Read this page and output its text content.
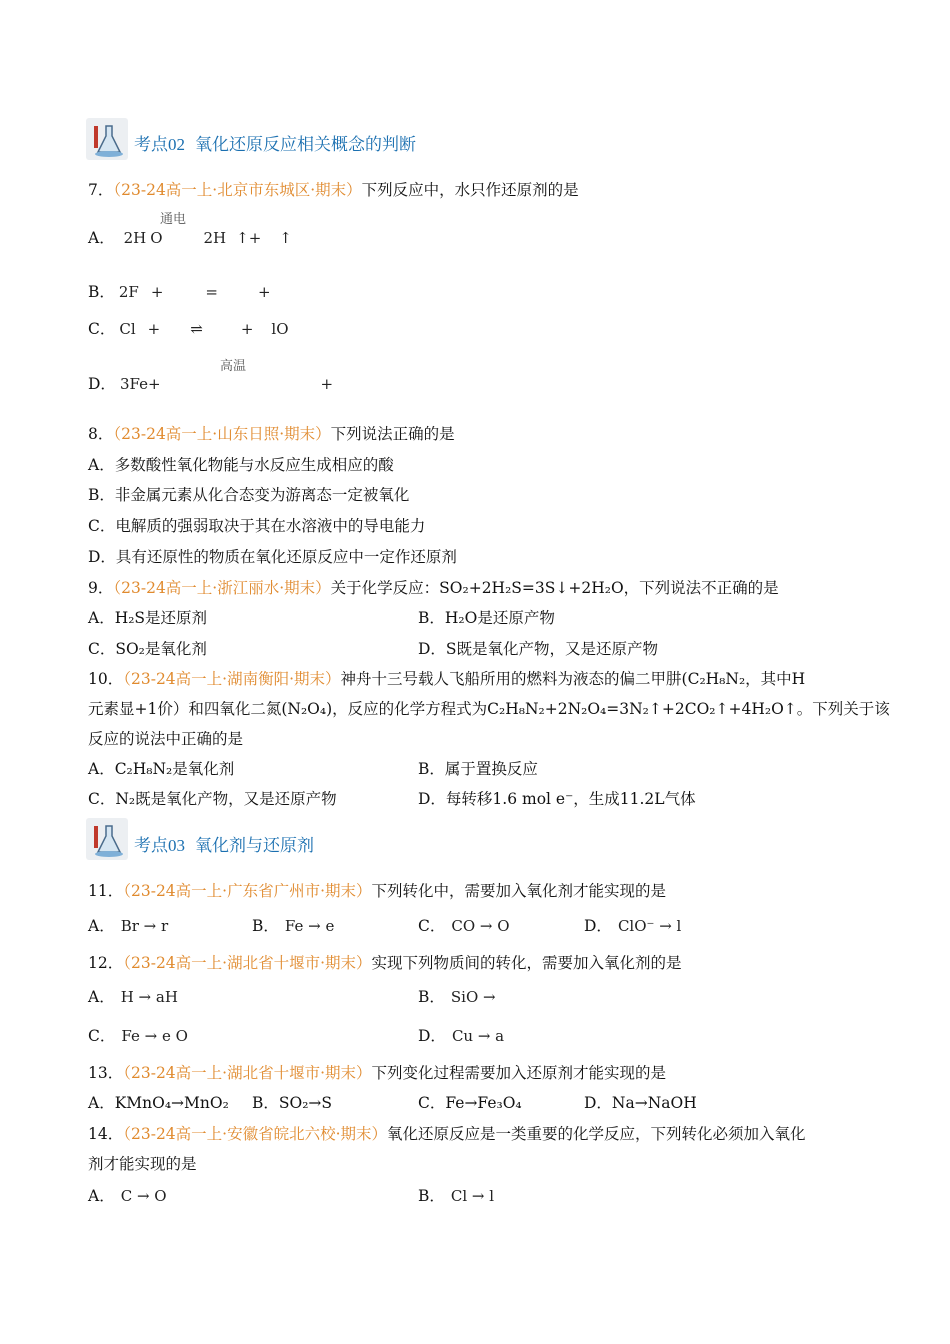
考点02 氧化还原反应相关概念的判断
7．（23-24高一上·北京市东城区·期末）下列反应中，水只作还原剂的是
通电
A． 2H O	2H ↑+ ↑
B． 2F +	=	+
C． Cl + ⇌	+ lO
高温
D． 3Fe+	+
8．（23-24高一上·山东日照·期末）下列说法正确的是
A．多数酸性氧化物能与水反应生成相应的酸
B．非金属元素从化合态变为游离态一定被氧化
C．电解质的强弱取决于其在水溶液中的导电能力
D．具有还原性的物质在氧化还原反应中一定作还原剂
9．（23-24高一上·浙江丽水·期末）关于化学反应：SO₂+2H₂S=3S↓+2H₂O，下列说法不正确的是
A．H₂S是还原剂	B．H₂O是还原产物
C．SO₂是氧化剂	D．S既是氧化产物，又是还原产物
10．（23-24高一上·湖南衡阳·期末）神舟十三号载人飞船所用的燃料为液态的偏二甲肼(C₂H₈N₂，其中H
元素显+1价）和四氧化二氮(N₂O₄)，反应的化学方程式为C₂H₈N₂+2N₂O₄=3N₂↑+2CO₂↑+4H₂O↑。下列关于该
反应的说法中正确的是
A．C₂H₈N₂是氧化剂	B．属于置换反应
C．N₂既是氧化产物，又是还原产物	D．每转移1.6 mol e⁻，生成11.2L气体
考点03 氧化剂与还原剂
11．（23-24高一上·广东省广州市·期末）下列转化中，需要加入氧化剂才能实现的是
A． Br → r	B． Fe → e	C． CO → O	D． ClO⁻ → l
12．（23-24高一上·湖北省十堰市·期末）实现下列物质间的转化，需要加入氧化剂的是
A． H → aH	B． SiO →
C． Fe → e O	D． Cu → a
13．（23-24高一上·湖北省十堰市·期末）下列变化过程需要加入还原剂才能实现的是
A．KMnO₄→MnO₂ B．SO₂→S	C．Fe→Fe₃O₄	D．Na→NaOH
14．（23-24高一上·安徽省皖北六校·期末）氧化还原反应是一类重要的化学反应，下列转化必须加入氧化
剂才能实现的是
A． C → O	B． Cl → l
